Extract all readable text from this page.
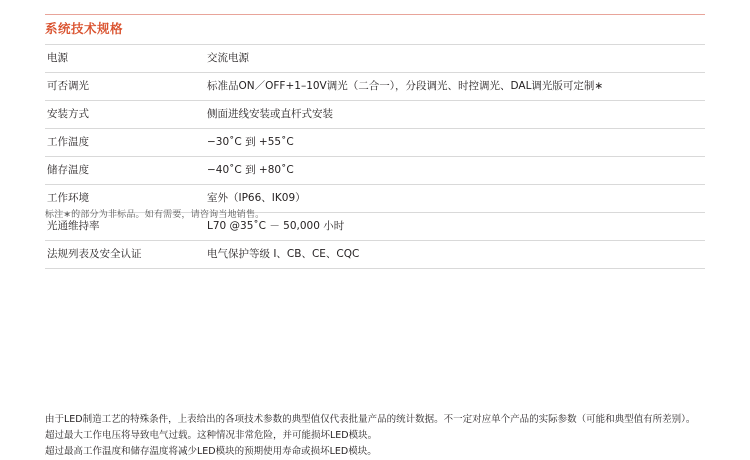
系统技术规格
电源	交流电源
可否调光	标准品ON／OFF+1–10V调光（二合一），分段调光、时控调光、DAL调光版可定制∗
安装方式	侧面进线安装或直杆式安装
工作温度	−30˚C 到 +55˚C
储存温度	−40˚C 到 +80˚C
工作环境	室外（IP66、IK09）
光通维持率	L70 @35˚C － 50,000 小时
法规列表及安全认证	电气保护等级 I、CB、CE、CQC
标注∗的部分为非标品。如有需要，请咨询当地销售。
由于LED制造工艺的特殊条件，上表给出的各项技术参数的典型值仅代表批量产品的统计数据。不一定对应单个产品的实际参数（可能和典型值有所差别）。
超过最大工作电压将导致电气过载。这种情况非常危险，并可能损坏LED模块。
超过最高工作温度和储存温度将减少LED模块的预期使用寿命或损坏LED模块。
